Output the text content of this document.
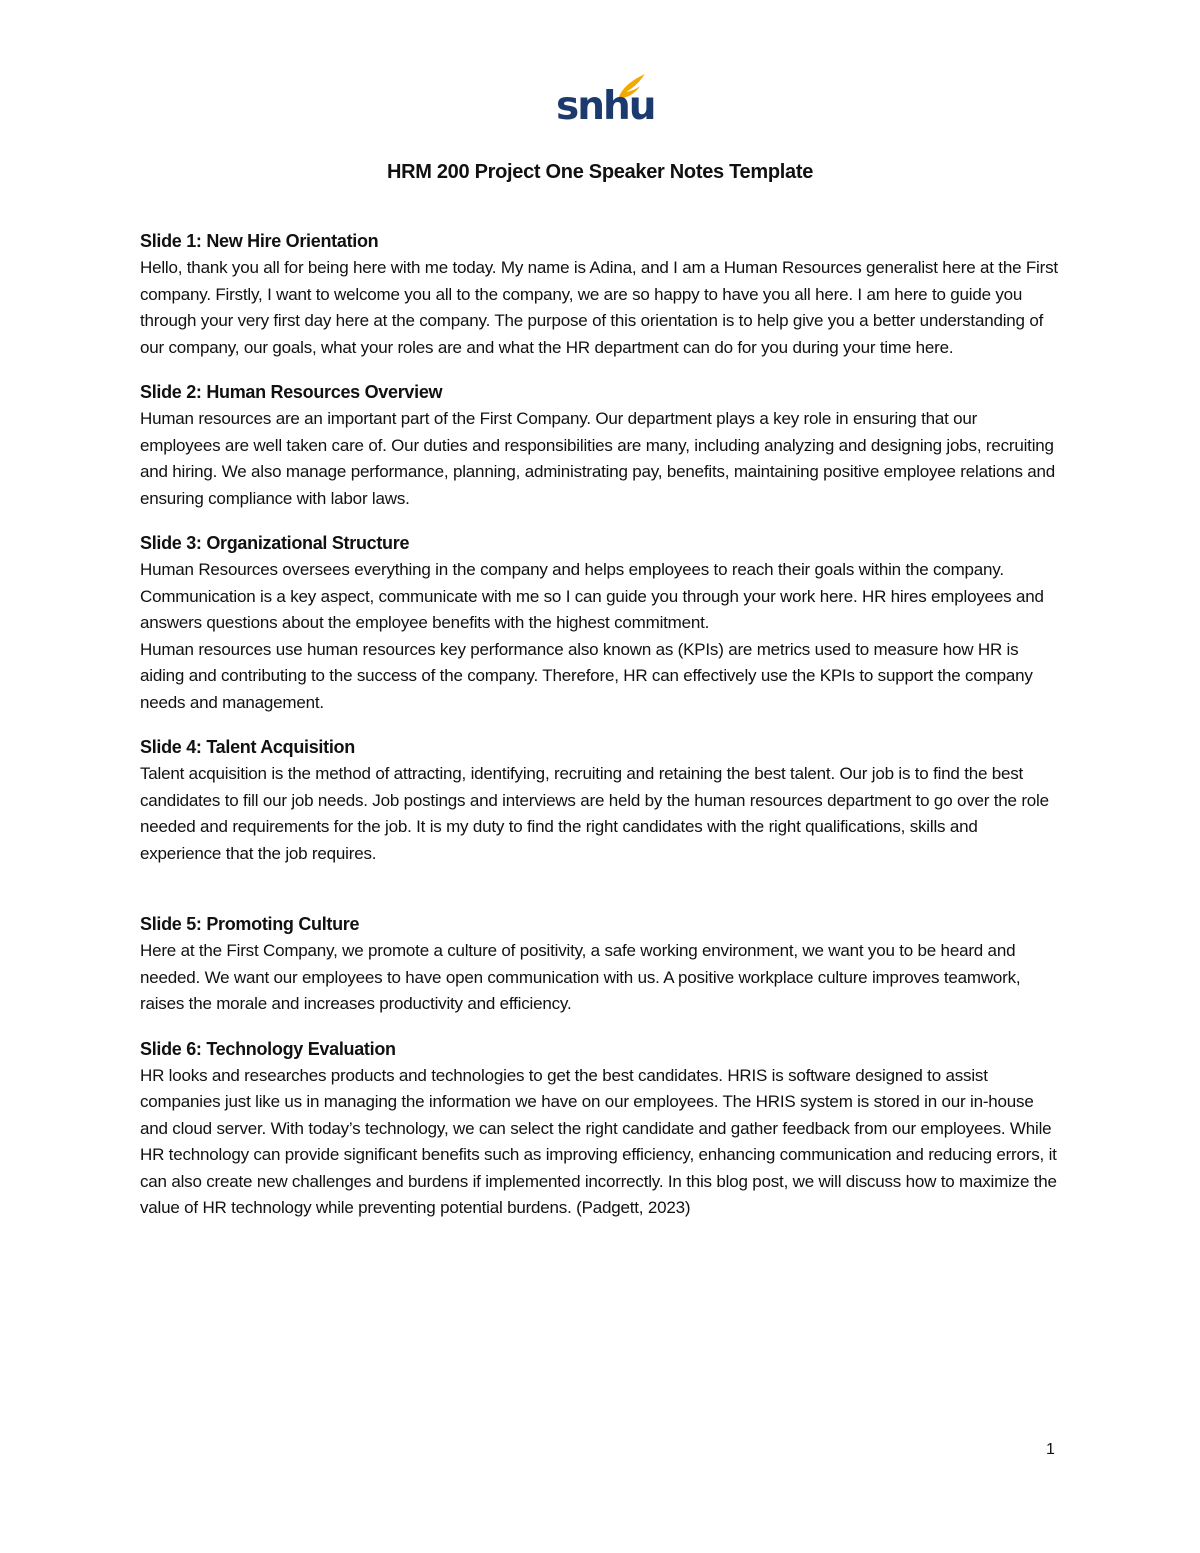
snhu
HRM 200 Project One Speaker Notes Template
Slide 1: New Hire Orientation

Hello, thank you all for being here with me today. My name is Adina, and I am a Human Resources generalist here at the First company. Firstly, I want to welcome you all to the company, we are so happy to have you all here. I am here to guide you through your very first day here at the company. The purpose of this orientation is to help give you a better understanding of our company, our goals, what your roles are and what the HR department can do for you during your time here.

Slide 2: Human Resources Overview

Human resources are an important part of the First Company. Our department plays a key role in ensuring that our employees are well taken care of. Our duties and responsibilities are many, including analyzing and designing jobs, recruiting and hiring. We also manage performance, planning, administrating pay, benefits, maintaining positive employee relations and ensuring compliance with labor laws.

Slide 3: Organizational Structure

Human Resources oversees everything in the company and helps employees to reach their goals within the company. Communication is a key aspect, communicate with me so I can guide you through your work here. HR hires employees and answers questions about the employee benefits with the highest commitment.

Human resources use human resources key performance also known as (KPIs) are metrics used to measure how HR is aiding and contributing to the success of the company. Therefore, HR can effectively use the KPIs to support the company needs and management.

Slide 4: Talent Acquisition

Talent acquisition is the method of attracting, identifying, recruiting and retaining the best talent. Our job is to find the best candidates to fill our job needs. Job postings and interviews are held by the human resources department to go over the role needed and requirements for the job. It is my duty to find the right candidates with the right qualifications, skills and experience that the job requires.

Slide 5: Promoting Culture

Here at the First Company, we promote a culture of positivity, a safe working environment, we want you to be heard and needed. We want our employees to have open communication with us. A positive workplace culture improves teamwork, raises the morale and increases productivity and efficiency.

Slide 6: Technology Evaluation

HR looks and researches products and technologies to get the best candidates. HRIS is software designed to assist companies just like us in managing the information we have on our employees. The HRIS system is stored in our in-house and cloud server. With today’s technology, we can select the right candidate and gather feedback from our employees. While HR technology can provide significant benefits such as improving efficiency, enhancing communication and reducing errors, it can also create new challenges and burdens if implemented incorrectly. In this blog post, we will discuss how to maximize the value of HR technology while preventing potential burdens. (Padgett, 2023)

1
